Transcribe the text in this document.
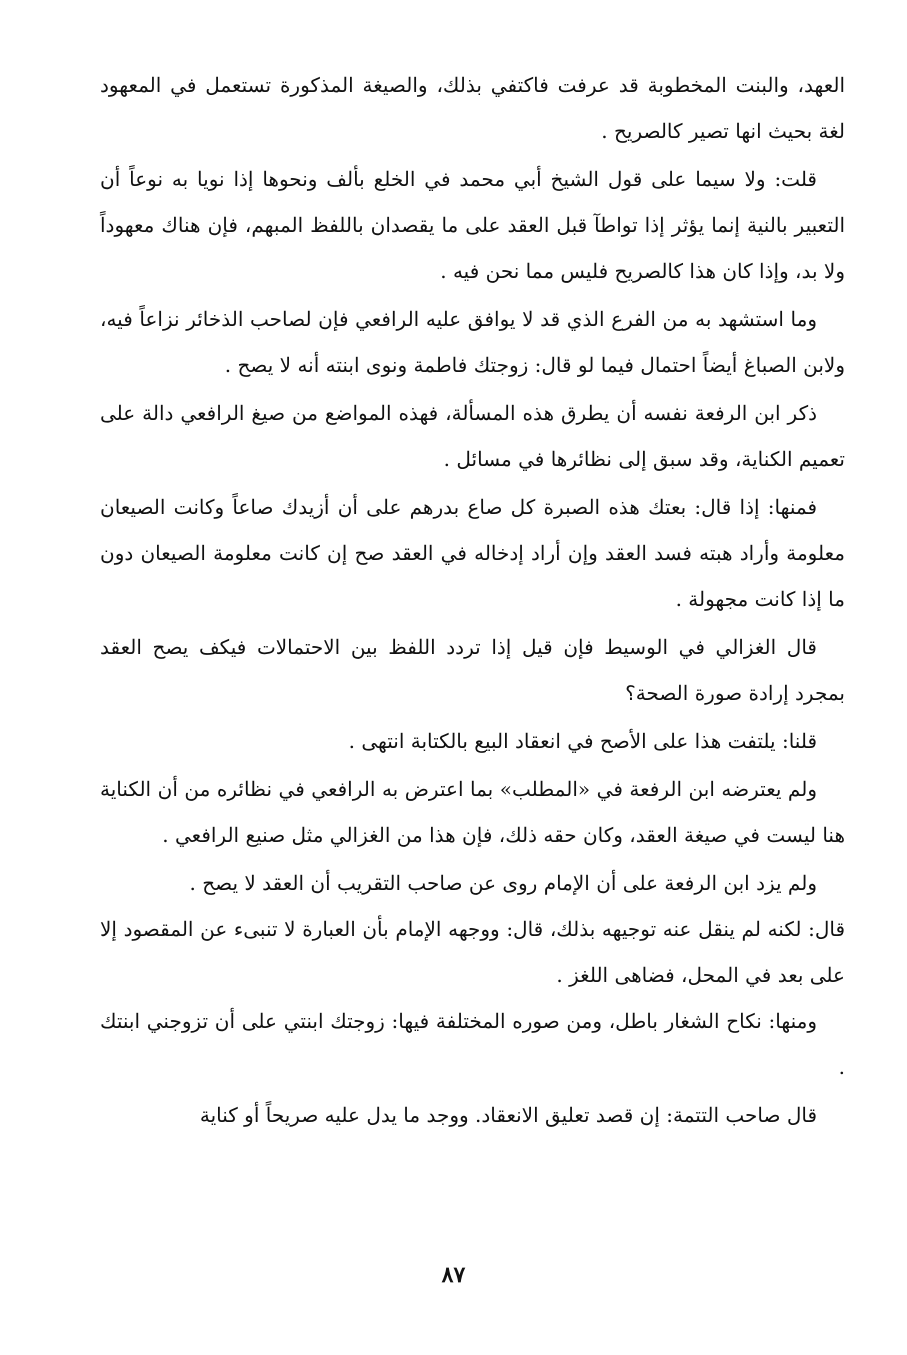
العهد، والبنت المخطوبة قد عرفت فاكتفي بذلك، والصيغة المذكورة تستعمل في المعهود لغة بحيث انها تصير كالصريح .

قلت: ولا سيما على قول الشيخ أبي محمد في الخلع بألف ونحوها إذا نويا به نوعاً أن التعبير بالنية إنما يؤثر إذا تواطآ قبل العقد على ما يقصدان باللفظ المبهم، فإن هناك معهوداً ولا بد، وإذا كان هذا كالصريح فليس مما نحن فيه .

وما استشهد به من الفرع الذي قد لا يوافق عليه الرافعي فإن لصاحب الذخائر نزاعاً فيه، ولابن الصباغ أيضاً احتمال فيما لو قال: زوجتك فاطمة ونوى ابنته أنه لا يصح .

ذكر ابن الرفعة نفسه أن يطرق هذه المسألة، فهذه المواضع من صيغ الرافعي دالة على تعميم الكناية، وقد سبق إلى نظائرها في مسائل .

فمنها: إذا قال: بعتك هذه الصبرة كل صاع بدرهم على أن أزيدك صاعاً وكانت الصيعان معلومة وأراد هبته فسد العقد وإن أراد إدخاله في العقد صح إن كانت معلومة الصيعان دون ما إذا كانت مجهولة .

قال الغزالي في الوسيط فإن قيل إذا تردد اللفظ بين الاحتمالات فيكف يصح العقد بمجرد إرادة صورة الصحة؟

قلنا: يلتفت هذا على الأصح في انعقاد البيع بالكتابة انتهى .

ولم يعترضه ابن الرفعة في «المطلب» بما اعترض به الرافعي في نظائره من أن الكناية هنا ليست في صيغة العقد، وكان حقه ذلك، فإن هذا من الغزالي مثل صنيع الرافعي .

ولم يزد ابن الرفعة على أن الإمام روى عن صاحب التقريب أن العقد لا يصح .

قال: لكنه لم ينقل عنه توجيهه بذلك، قال: ووجهه الإمام بأن العبارة لا تنبىء عن المقصود إلا على بعد في المحل، فضاهى اللغز .

ومنها: نكاح الشغار باطل، ومن صوره المختلفة فيها: زوجتك ابنتي على أن تزوجني ابنتك .

قال صاحب التتمة: إن قصد تعليق الانعقاد. ووجد ما يدل عليه صريحاً أو كناية

٨٧
